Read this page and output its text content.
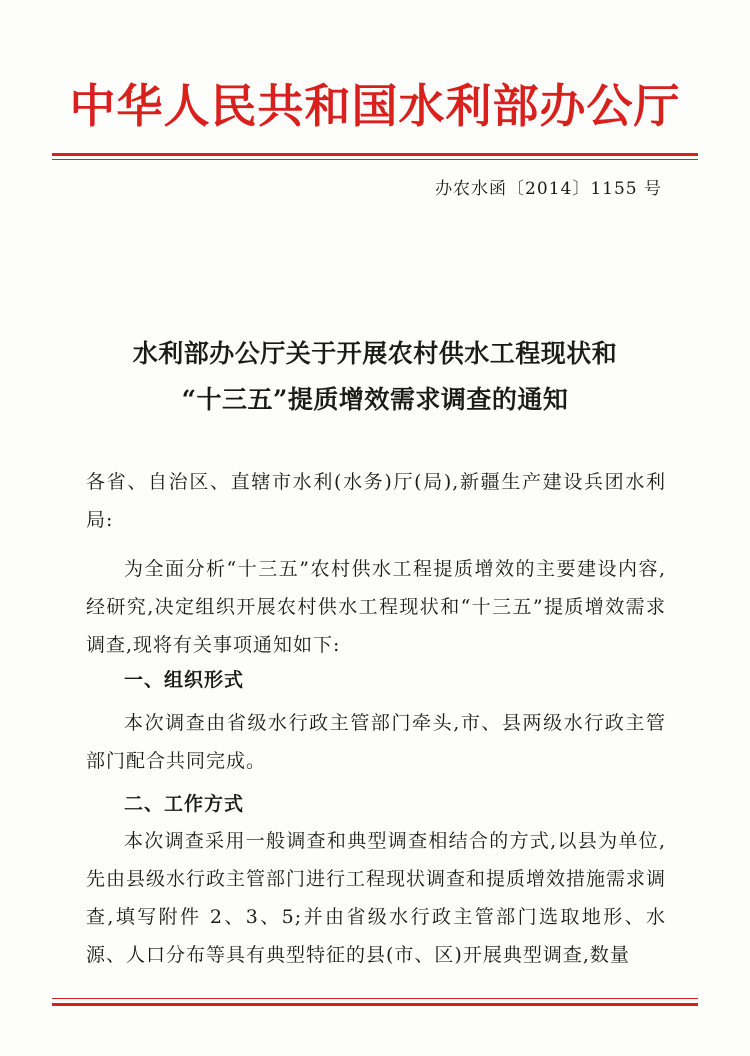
中华人民共和国水利部办公厅
办农水函〔2014〕1155 号
水利部办公厅关于开展农村供水工程现状和
“十三五”提质增效需求调查的通知
各省、自治区、直辖市水利(水务)厅(局),新疆生产建设兵团水利局:
为全面分析“十三五”农村供水工程提质增效的主要建设内容,经研究,决定组织开展农村供水工程现状和“十三五”提质增效需求调查,现将有关事项通知如下:
一、组织形式
本次调查由省级水行政主管部门牵头,市、县两级水行政主管部门配合共同完成。
二、工作方式
本次调查采用一般调查和典型调查相结合的方式,以县为单位,先由县级水行政主管部门进行工程现状调查和提质增效措施需求调查,填写附件 2、3、5;并由省级水行政主管部门选取地形、水源、人口分布等具有典型特征的县(市、区)开展典型调查,数量
